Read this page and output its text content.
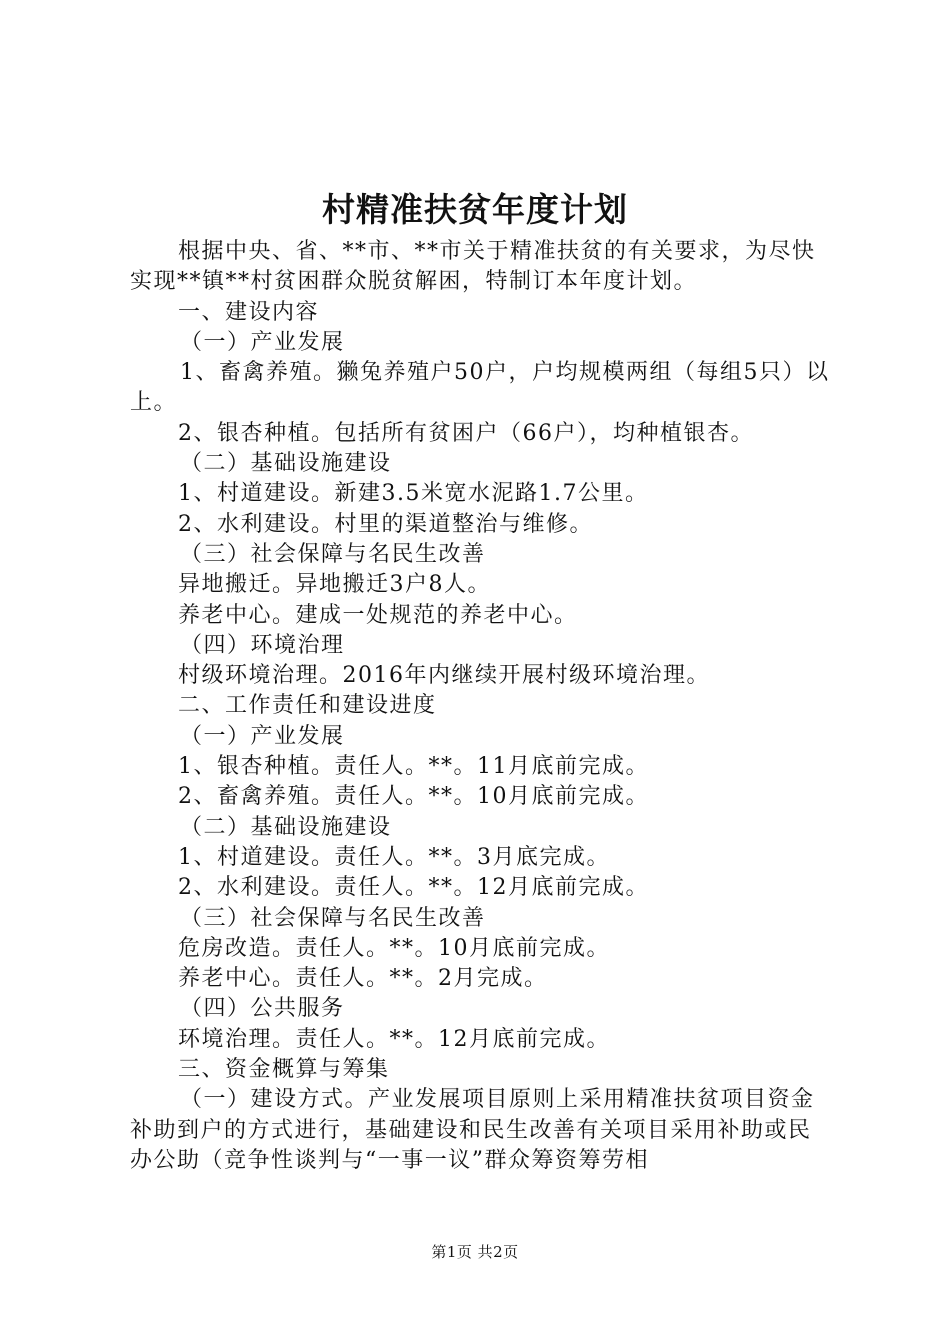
村精准扶贫年度计划

根据中央、省、**市、**市关于精准扶贫的有关要求，为尽快实现**镇**村贫困群众脱贫解困，特制订本年度计划。

一、建设内容

（一）产业发展

1、畜禽养殖。獭兔养殖户50户，户均规模两组（每组5只）以上。

2、银杏种植。包括所有贫困户（66户），均种植银杏。

（二）基础设施建设

1、村道建设。新建3.5米宽水泥路1.7公里。

2、水利建设。村里的渠道整治与维修。

（三）社会保障与名民生改善

异地搬迁。异地搬迁3户8人。

养老中心。建成一处规范的养老中心。

（四）环境治理

村级环境治理。2016年内继续开展村级环境治理。

二、工作责任和建设进度

（一）产业发展

1、银杏种植。责任人。**。11月底前完成。

2、畜禽养殖。责任人。**。10月底前完成。

（二）基础设施建设

1、村道建设。责任人。**。3月底完成。

2、水利建设。责任人。**。12月底前完成。

（三）社会保障与名民生改善

危房改造。责任人。**。10月底前完成。

养老中心。责任人。**。2月完成。

（四）公共服务

环境治理。责任人。**。12月底前完成。

三、资金概算与筹集

（一）建设方式。产业发展项目原则上采用精准扶贫项目资金补助到户的方式进行，基础建设和民生改善有关项目采用补助或民办公助（竞争性谈判与“一事一议”群众筹资筹劳相

第1页 共2页
